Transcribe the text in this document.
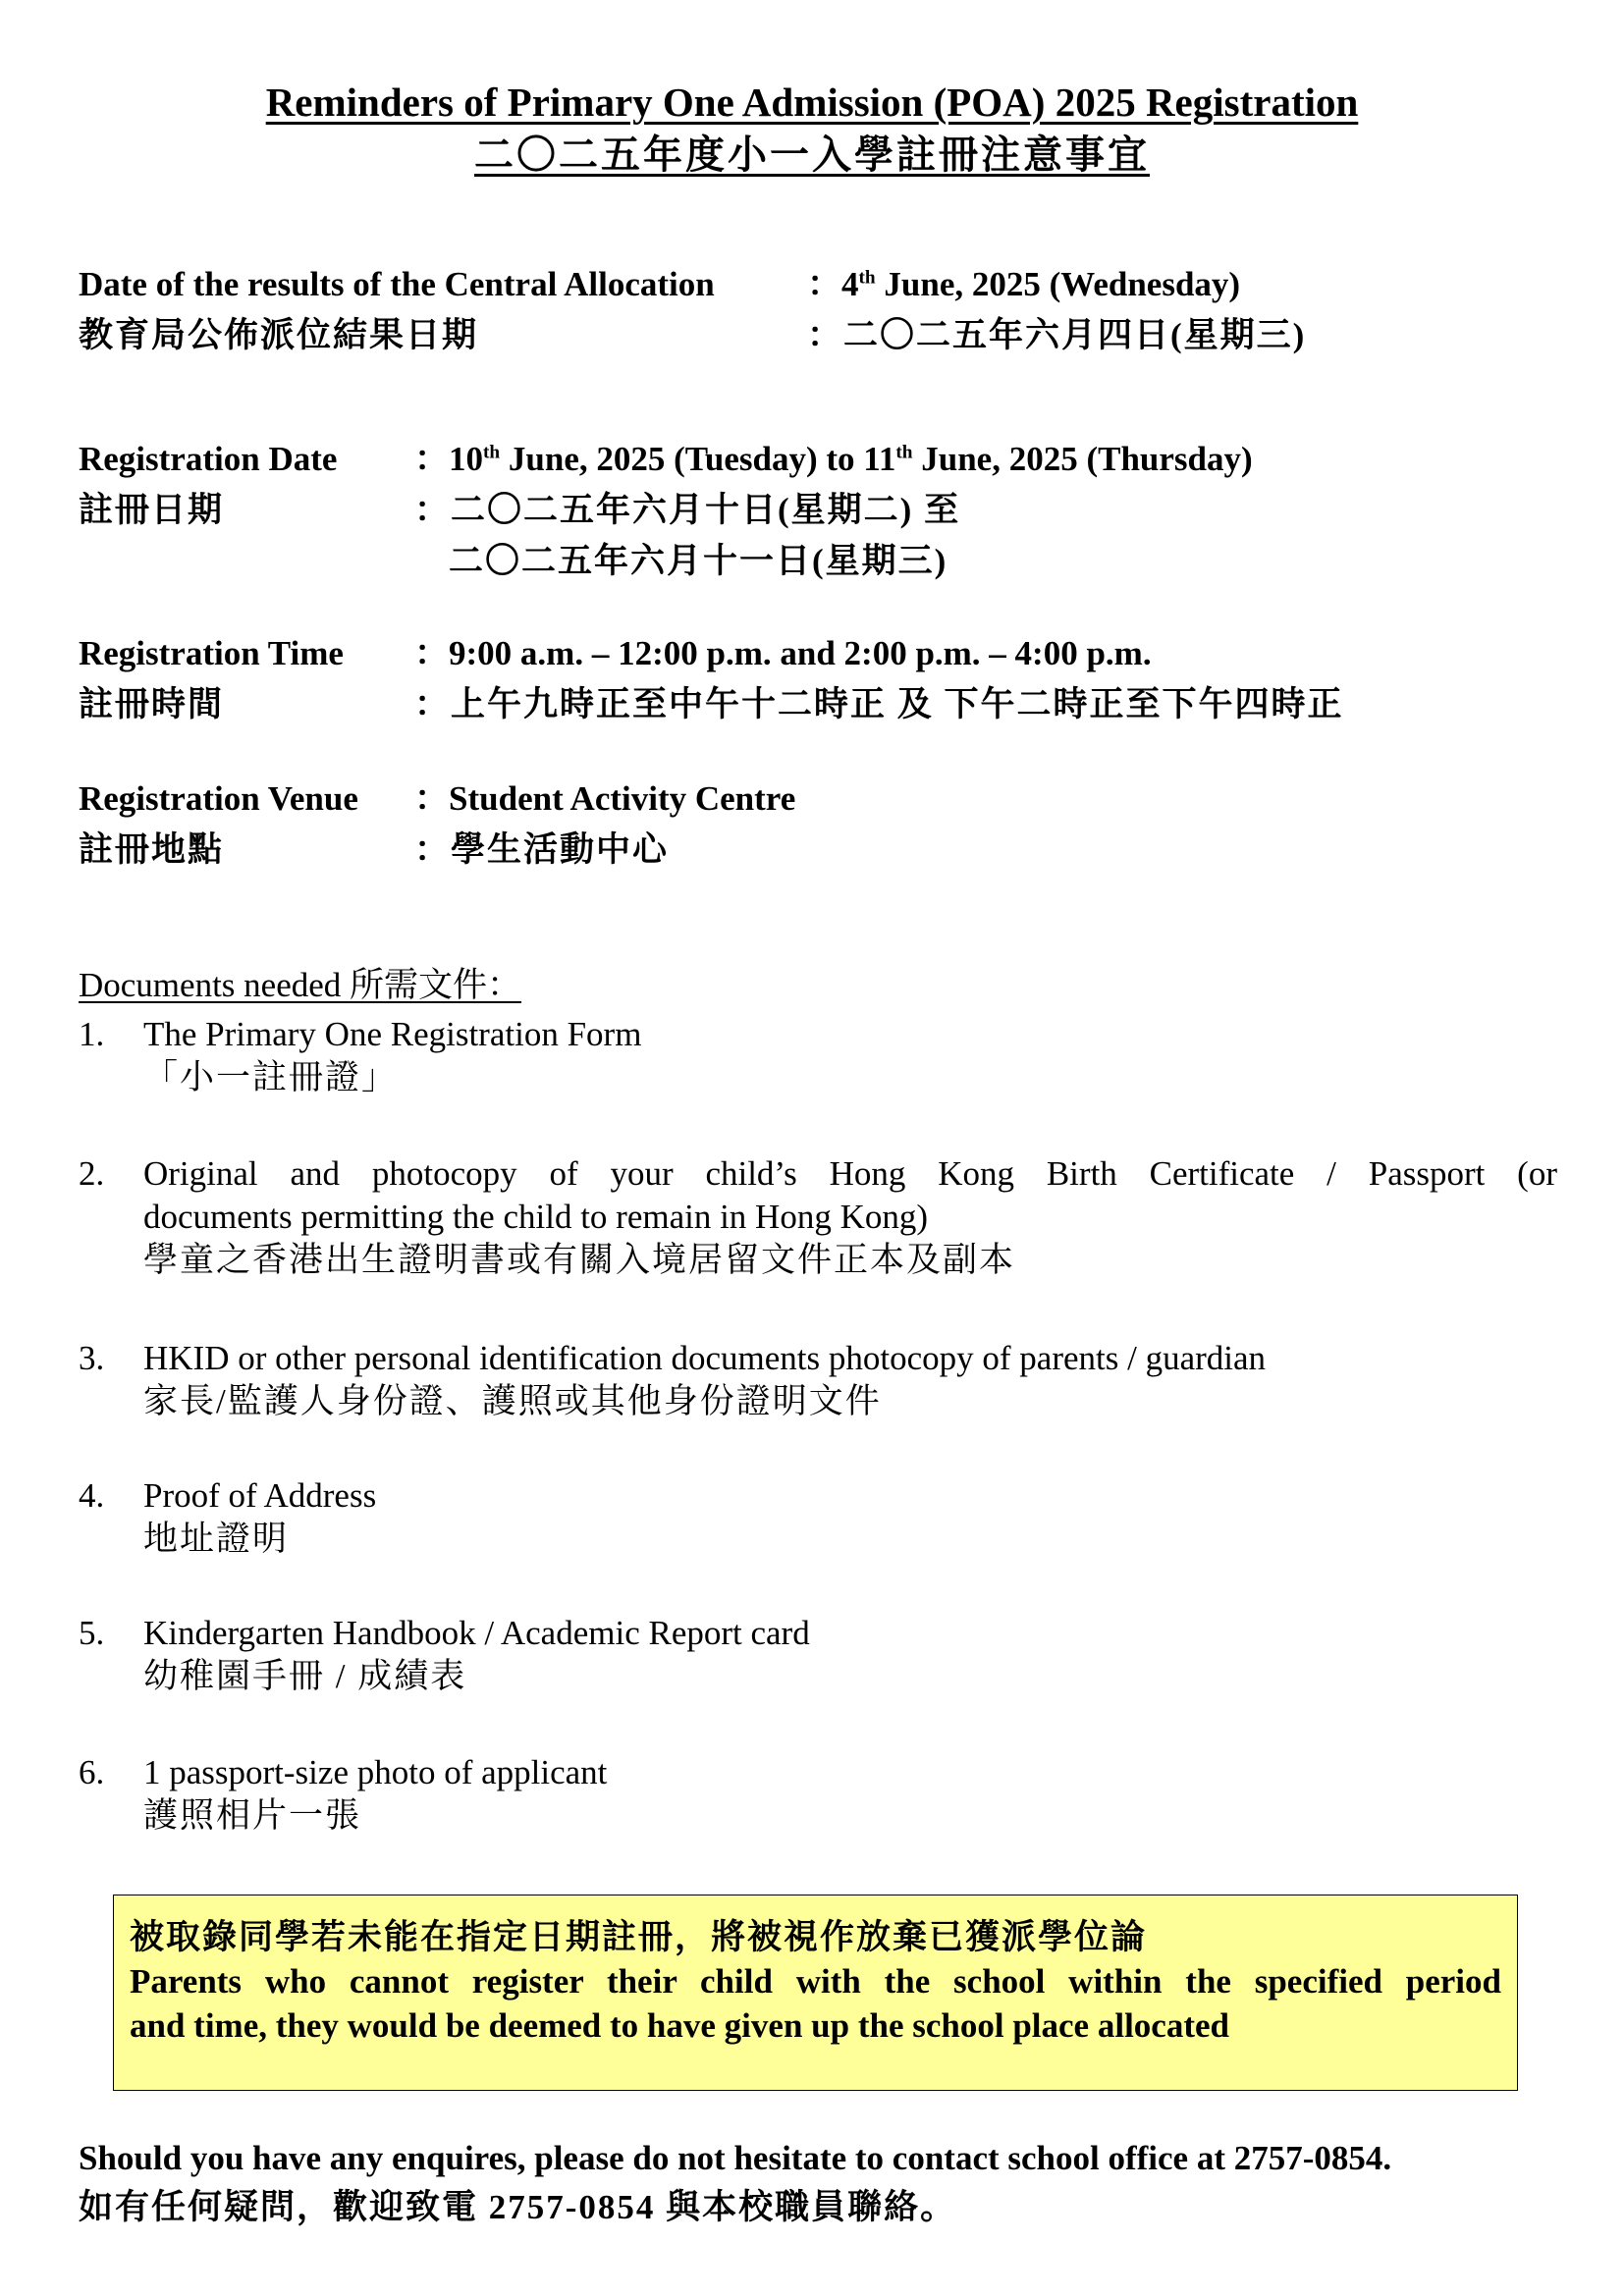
Reminders of Primary One Admission (POA) 2025 Registration
二〇二五年度小一入學註冊注意事宜
Date of the results of the Central Allocation	：4th June, 2025 (Wednesday)
教育局公佈派位結果日期	：二〇二五年六月四日(星期三)
Registration Date ：10th June, 2025 (Tuesday) to 11th June, 2025 (Thursday)
註冊日期	：二〇二五年六月十日(星期二) 至
二〇二五年六月十一日(星期三)
Registration Time ：9:00 a.m. – 12:00 p.m. and 2:00 p.m. – 4:00 p.m.
註冊時間	：上午九時正至中午十二時正 及 下午二時正至下午四時正
Registration Venue ：Student Activity Centre
註冊地點	：學生活動中心
Documents needed 所需文件：
1. The Primary One Registration Form
「小一註冊證」
2. Original and photocopy of your child’s Hong Kong Birth Certificate / Passport (or
documents permitting the child to remain in Hong Kong)
學童之香港出生證明書或有關入境居留文件正本及副本
3. HKID or other personal identification documents photocopy of parents / guardian
家長/監護人身份證、護照或其他身份證明文件
4. Proof of Address
地址證明
5. Kindergarten Handbook / Academic Report card
幼稚園手冊 / 成績表
6. 1 passport-size photo of applicant
護照相片一張
被取錄同學若未能在指定日期註冊，將被視作放棄已獲派學位論
Parents who cannot register their child with the school within the specified period
and time, they would be deemed to have given up the school place allocated
Should you have any enquires, please do not hesitate to contact school office at 2757-0854.
如有任何疑問，歡迎致電 2757-0854 與本校職員聯絡。
